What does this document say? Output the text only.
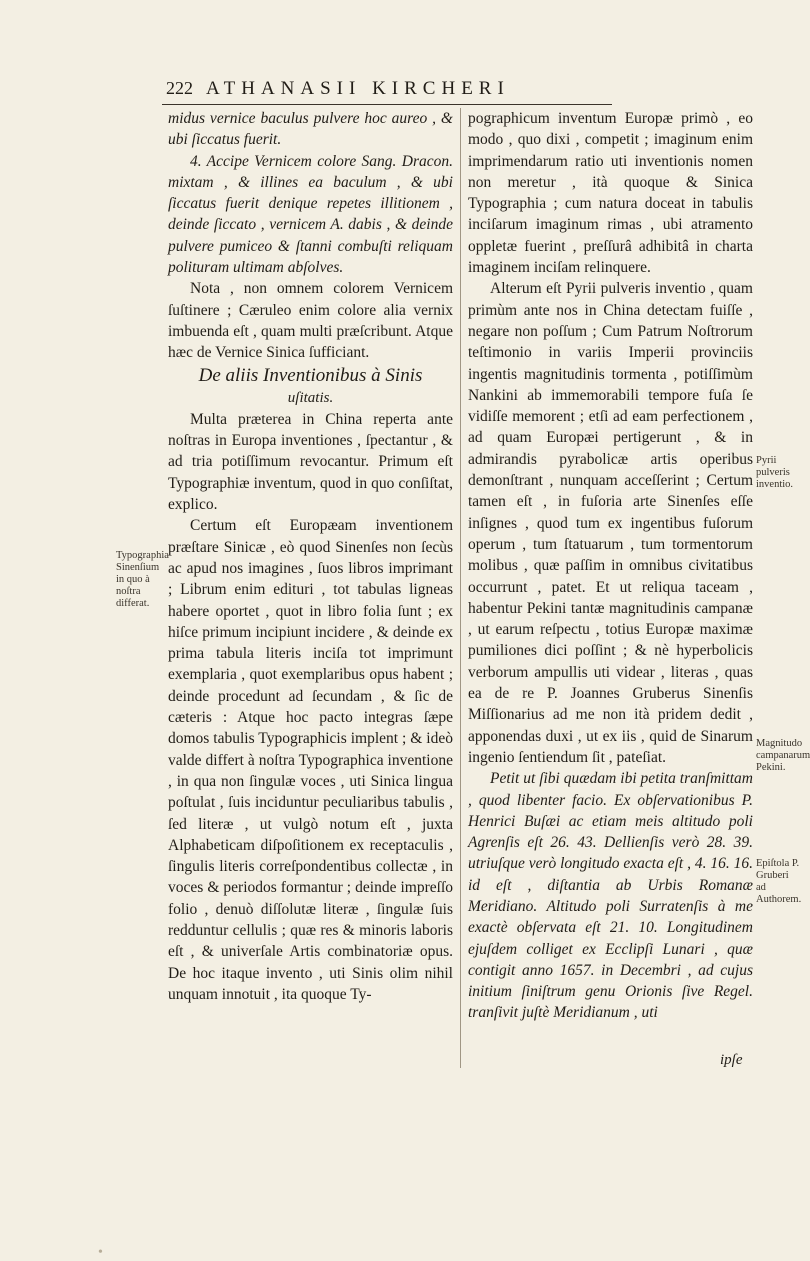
222 ATHANASII KIRCHERI

midus vernice baculus pulvere hoc aureo , & ubi ſiccatus fuerit.

4. Accipe Vernicem colore Sang. Dracon. mixtam , & illines ea baculum , & ubi ſiccatus fuerit denique repetes illitionem , deinde ſiccato , vernicem A. dabis , & deinde pulvere pumiceo & ſtanni combuſti reliquam polituram ultimam abſolves.

Nota , non omnem colorem Vernicem ſuſtinere ; Cæruleo enim colore alia vernix imbuenda eſt , quam multi præſcribunt. Atque hæc de Vernice Sinica ſufficiant.

De aliis Inventionibus à Sinis

uſitatis.

Multa præterea in China reperta ante noſtras in Europa inventiones , ſpectantur , & ad tria potiſſimum revocantur. Primum eſt Typographiæ inventum, quod in quo conſiſtat, explico.

Certum eſt Europæam inventionem præſtare Sinicæ , eò quod Sinenſes non ſecùs ac apud nos imagines , ſuos libros imprimant ; Librum enim edituri , tot tabulas ligneas habere oportet , quot in libro folia ſunt ; ex hiſce primum incipiunt incidere , & deinde ex prima tabula literis inciſa tot imprimunt exemplaria , quot exemplaribus opus habent ; deinde procedunt ad ſecundam , & ſic de cæteris : Atque hoc pacto integras ſæpe domos tabulis Typographicis implent ; & ideò valde differt à noſtra Typographica inventione , in qua non ſingulæ voces , uti Sinica lingua poſtulat , ſuis inciduntur peculiaribus tabulis , ſed literæ , ut vulgò notum eſt , juxta Alphabeticam diſpoſitionem ex receptaculis , ſingulis literis correſpondentibus collectæ , in voces & periodos formantur ; deinde impreſſo folio , denuò diſſolutæ literæ , ſingulæ ſuis redduntur cellulis ; quæ res & minoris laboris eſt , & univerſale Artis combinatoriæ opus. De hoc itaque invento , uti Sinis olim nihil unquam innotuit , ita quoque Ty-

pographicum inventum Europæ primò , eo modo , quo dixi , competit ; imaginum enim imprimendarum ratio uti inventionis nomen non meretur , ità quoque & Sinica Typographia ; cum natura doceat in tabulis inciſarum imaginum rimas , ubi atramento oppletæ fuerint , preſſurâ adhibitâ in charta imaginem inciſam relinquere.

Alterum eſt Pyrii pulveris inventio , quam primùm ante nos in China detectam fuiſſe , negare non poſſum ; Cum Patrum Noſtrorum teſtimonio in variis Imperii provinciis ingentis magnitudinis tormenta , potiſſimùm Nankini ab immemorabili tempore fuſa ſe vidiſſe memorent ; etſi ad eam perfectionem , ad quam Europæi pertigerunt , & in admirandis pyrabolicæ artis operibus demonſtrant , nunquam acceſſerint ; Certum tamen eſt , in fuſoria arte Sinenſes eſſe inſignes , quod tum ex ingentibus fuſorum operum , tum ſtatuarum , tum tormentorum molibus , quæ paſſim in omnibus civitatibus occurrunt , patet. Et ut reliqua taceam , habentur Pekini tantæ magnitudinis campanæ , ut earum reſpectu , totius Europæ maximæ pumiliones dici poſſint ; & nè hyperbolicis verborum ampullis uti videar , literas , quas ea de re P. Joannes Gruberus Sinenſis Miſſionarius ad me non ità pridem dedit , apponendas duxi , ut ex iis , quid de Sinarum ingenio ſentiendum ſit , pateſiat.

Petit ut ſibi quædam ibi petita tranſmittam , quod libenter facio. Ex obſervationibus P. Henrici Buſæi ac etiam meis altitudo poli Agrenſis eſt 26. 43. Dellienſis verò 28. 39. utriuſque verò longitudo exacta eſt , 4. 16. 16. id eſt , diſtantia ab Urbis Romanæ Meridiano. Altitudo poli Surratenſis à me exactè obſervata eſt 21. 10. Longitudinem ejuſdem colliget ex Ecclipſi Lunari , quæ contigit anno 1657. in Decembri , ad cujus initium ſiniſtrum genu Orionis ſive Regel. tranſivit juſtè Meridianum , uti

ipſe
Typographia Sinenſium in quo à noſtra differat.
Pyrii pulveris inventio.
Magnitudo campanarum Pekini.
Epiſtola P. Gruberi ad Authorem.
•
